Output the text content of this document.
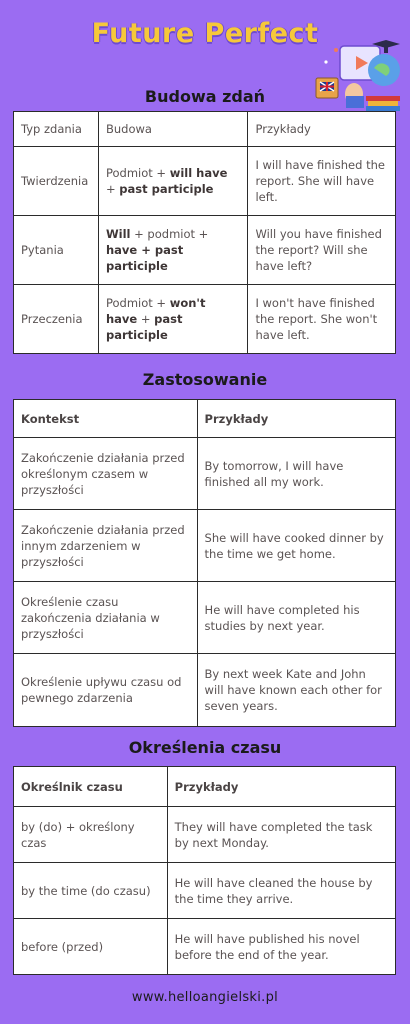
Future Perfect
Budowa zdań
Typ zdania	Budowa	Przykłady
Twierdzenia	Podmiot + will have + past participle	I will have finished the report. She will have left.
Pytania	Will + podmiot + have + past participle	Will you have finished the report? Will she have left?
Przeczenia	Podmiot + won't have + past participle	I won't have finished the report. She won't have left.
Zastosowanie
Kontekst	Przykłady
Zakończenie działania przed określonym czasem w przyszłości	By tomorrow, I will have finished all my work.
Zakończenie działania przed innym zdarzeniem w przyszłości	She will have cooked dinner by the time we get home.
Określenie czasu zakończenia działania w przyszłości	He will have completed his studies by next year.
Określenie upływu czasu od pewnego zdarzenia	By next week Kate and John will have known each other for seven years.
Określenia czasu
Określnik czasu	Przykłady
by (do) + określony czas	They will have completed the task by next Monday.
by the time (do czasu)	He will have cleaned the house by the time they arrive.
before (przed)	He will have published his novel before the end of the year.
www.helloangielski.pl
